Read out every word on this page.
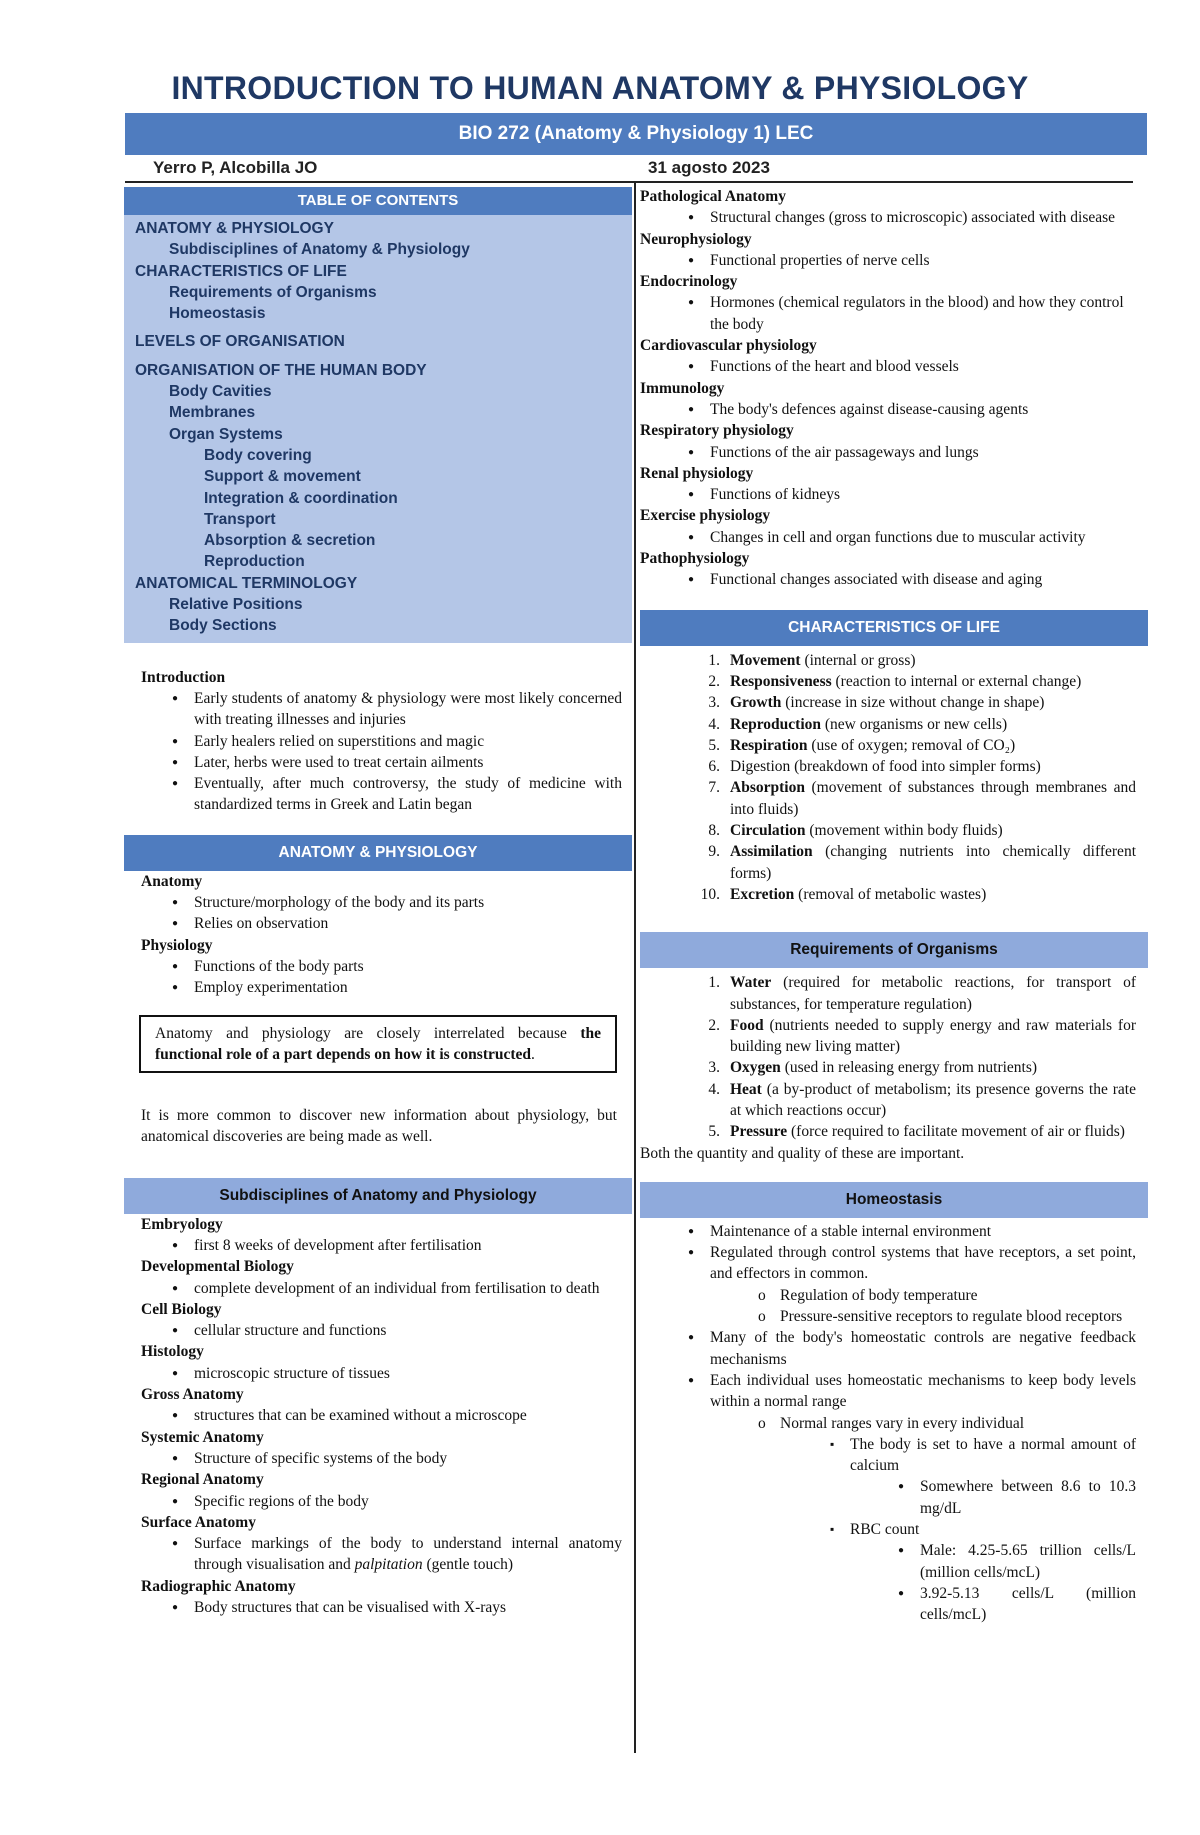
INTRODUCTION TO HUMAN ANATOMY & PHYSIOLOGY
BIO 272 (Anatomy & Physiology 1) LEC
Yerro P, Alcobilla JO	31 agosto 2023
TABLE OF CONTENTS
ANATOMY & PHYSIOLOGY
Subdisciplines of Anatomy & Physiology
CHARACTERISTICS OF LIFE
Requirements of Organisms
Homeostasis
LEVELS OF ORGANISATION
ORGANISATION OF THE HUMAN BODY
Body Cavities
Membranes
Organ Systems
Body covering
Support & movement
Integration & coordination
Transport
Absorption & secretion
Reproduction
ANATOMICAL TERMINOLOGY
Relative Positions
Body Sections
Introduction
● Early students of anatomy & physiology were most likely concerned with treating illnesses and injuries
● Early healers relied on superstitions and magic
● Later, herbs were used to treat certain ailments
● Eventually, after much controversy, the study of medicine with standardized terms in Greek and Latin began
ANATOMY & PHYSIOLOGY
Anatomy
● Structure/morphology of the body and its parts
● Relies on observation
Physiology
● Functions of the body parts
● Employ experimentation
Anatomy and physiology are closely interrelated because the functional role of a part depends on how it is constructed.
It is more common to discover new information about physiology, but anatomical discoveries are being made as well.
Subdisciplines of Anatomy and Physiology
Embryology
● first 8 weeks of development after fertilisation
Developmental Biology
● complete development of an individual from fertilisation to death
Cell Biology
● cellular structure and functions
Histology
● microscopic structure of tissues
Gross Anatomy
● structures that can be examined without a microscope
Systemic Anatomy
● Structure of specific systems of the body
Regional Anatomy
● Specific regions of the body
Surface Anatomy
● Surface markings of the body to understand internal anatomy through visualisation and palpitation (gentle touch)
Radiographic Anatomy
● Body structures that can be visualised with X-rays
Pathological Anatomy
● Structural changes (gross to microscopic) associated with disease
Neurophysiology
● Functional properties of nerve cells
Endocrinology
● Hormones (chemical regulators in the blood) and how they control the body
Cardiovascular physiology
● Functions of the heart and blood vessels
Immunology
● The body's defences against disease-causing agents
Respiratory physiology
● Functions of the air passageways and lungs
Renal physiology
● Functions of kidneys
Exercise physiology
● Changes in cell and organ functions due to muscular activity
Pathophysiology
● Functional changes associated with disease and aging
CHARACTERISTICS OF LIFE
1. Movement (internal or gross)
2. Responsiveness (reaction to internal or external change)
3. Growth (increase in size without change in shape)
4. Reproduction (new organisms or new cells)
5. Respiration (use of oxygen; removal of CO₂)
6. Digestion (breakdown of food into simpler forms)
7. Absorption (movement of substances through membranes and into fluids)
8. Circulation (movement within body fluids)
9. Assimilation (changing nutrients into chemically different forms)
10. Excretion (removal of metabolic wastes)
Requirements of Organisms
1. Water (required for metabolic reactions, for transport of substances, for temperature regulation)
2. Food (nutrients needed to supply energy and raw materials for building new living matter)
3. Oxygen (used in releasing energy from nutrients)
4. Heat (a by-product of metabolism; its presence governs the rate at which reactions occur)
5. Pressure (force required to facilitate movement of air or fluids)
Both the quantity and quality of these are important.
Homeostasis
● Maintenance of a stable internal environment
● Regulated through control systems that have receptors, a set point, and effectors in common.
o Regulation of body temperature
o Pressure-sensitive receptors to regulate blood receptors
● Many of the body's homeostatic controls are negative feedback mechanisms
● Each individual uses homeostatic mechanisms to keep body levels within a normal range
o Normal ranges vary in every individual
▪ The body is set to have a normal amount of calcium
● Somewhere between 8.6 to 10.3 mg/dL
▪ RBC count
● Male: 4.25-5.65 trillion cells/L (million cells/mcL)
● 3.92-5.13 cells/L (million cells/mcL)
